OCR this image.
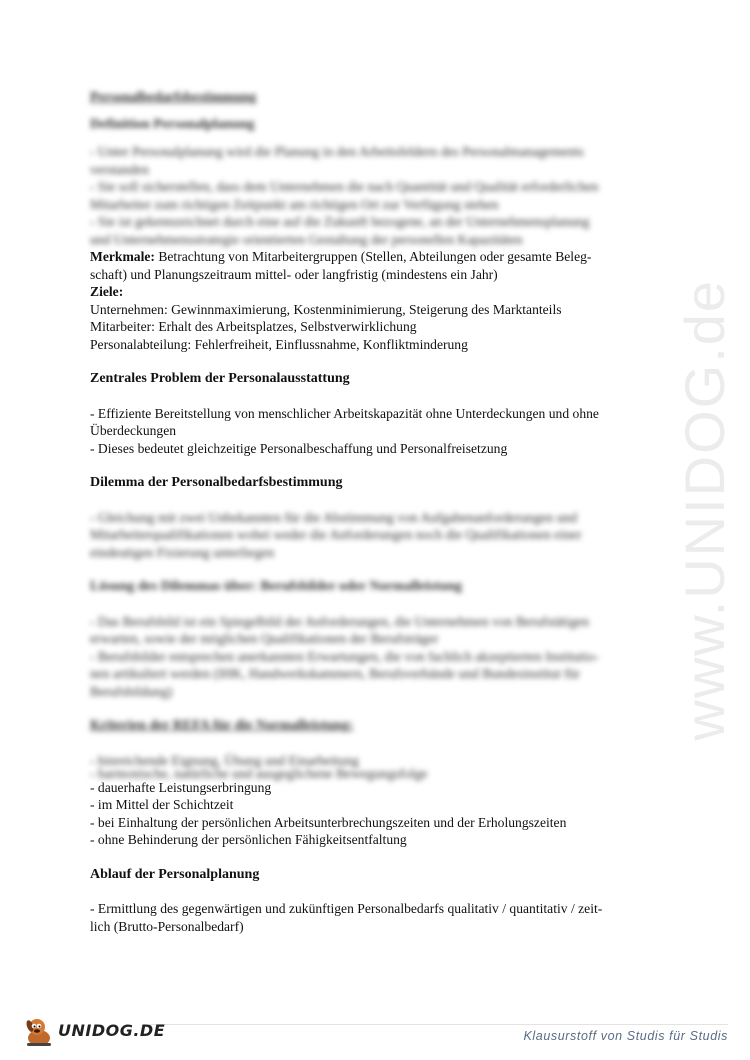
Personalbedarfsbestimmung
Definition Personalplanung
- Unter Personalplanung wird die Planung in den Arbeitsfeldern des Personalmanagements
verstanden
- Sie soll sicherstellen, dass dem Unternehmen die nach Quantität und Qualität erforderlichen
Mitarbeiter zum richtigen Zeitpunkt am richtigen Ort zur Verfügung stehen
- Sie ist gekennzeichnet durch eine auf die Zukunft bezogene, an der Unternehmensplanung
und Unternehmensstrategie orientierten Gestaltung der personellen Kapazitäten
Merkmale: Betrachtung von Mitarbeitergruppen (Stellen, Abteilungen oder gesamte Beleg-
schaft) und Planungszeitraum mittel- oder langfristig (mindestens ein Jahr)
Ziele:
Unternehmen: Gewinnmaximierung, Kostenminimierung, Steigerung des Marktanteils
Mitarbeiter: Erhalt des Arbeitsplatzes, Selbstverwirklichung
Personalabteilung: Fehlerfreiheit, Einflussnahme, Konfliktminderung
Zentrales Problem der Personalausstattung
- Effiziente Bereitstellung von menschlicher Arbeitskapazität ohne Unterdeckungen und ohne
Überdeckungen
- Dieses bedeutet gleichzeitige Personalbeschaffung und Personalfreisetzung
Dilemma der Personalbedarfsbestimmung
- Gleichung mit zwei Unbekannten für die Abstimmung von Aufgabenanforderungen und
Mitarbeiterqualifikationen wobei weder die Anforderungen noch die Qualifikationen einer
eindeutigen Fixierung unterliegen
Lösung des Dilemmas über: Berufsbilder oder Normalleistung
- Das Berufsbild ist ein Spiegelbild der Anforderungen, die Unternehmen von Berufstätigen
erwarten, sowie der möglichen Qualifikationen der Berufsträger
- Berufsbilder entsprechen anerkannten Erwartungen, die von fachlich akzeptierten Institutio-
nen artikuliert werden (IHK, Handwerkskammern, Berufsverbände und Bundesinstitut für
Berufsbildung)
Kriterien der REFA für die Normalleistung:
- hinreichende Eignung, Übung und Einarbeitung
- harmonische, natürliche und ausgeglichene Bewegungsfolge
- dauerhafte Leistungserbringung
- im Mittel der Schichtzeit
- bei Einhaltung der persönlichen Arbeitsunterbrechungszeiten und der Erholungszeiten
- ohne Behinderung der persönlichen Fähigkeitsentfaltung
Ablauf der Personalplanung
- Ermittlung des gegenwärtigen und zukünftigen Personalbedarfs qualitativ / quantitativ / zeit-
lich (Brutto-Personalbedarf)
www.UNIDOG.de
UNIDOG.DE	Klausurstoff von Studis für Studis
